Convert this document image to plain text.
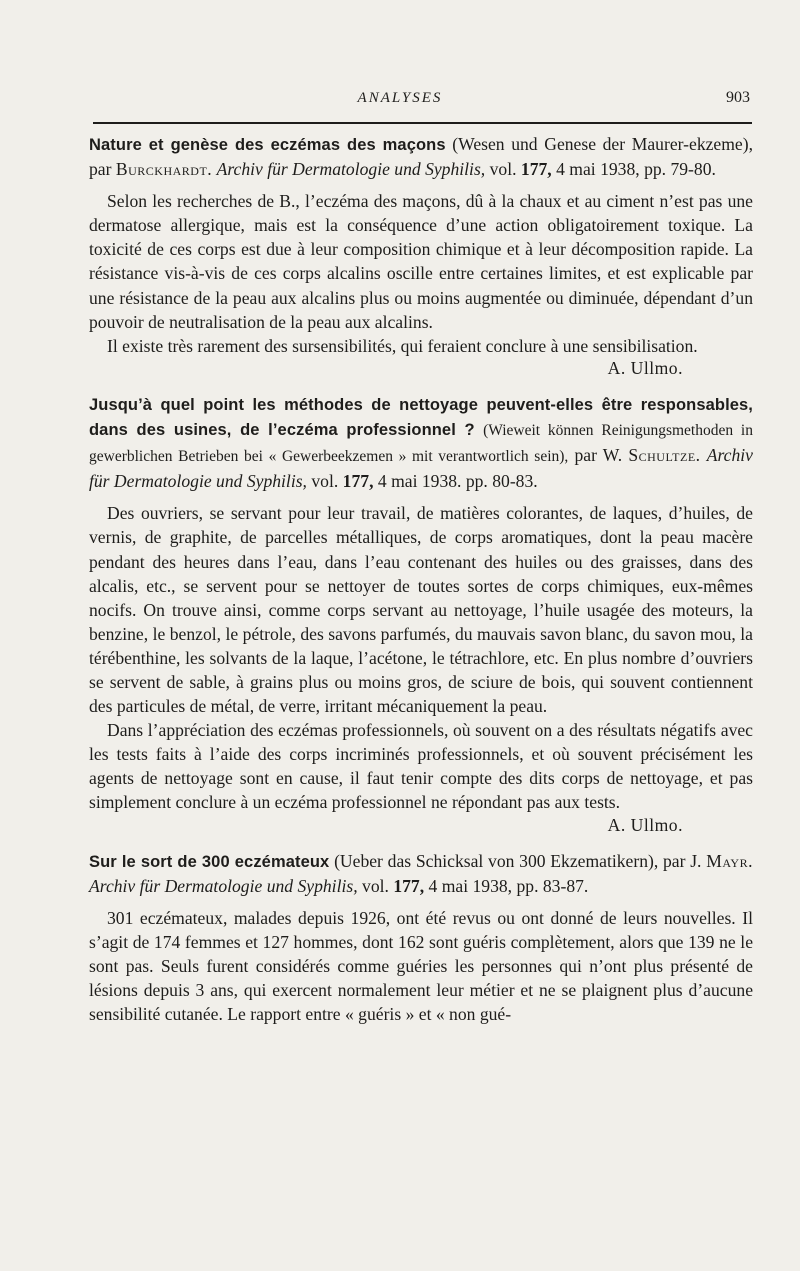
ANALYSES	903
Nature et genèse des eczémas des maçons (Wesen und Genese der Maurer-ekzeme), par Burckhardt. Archiv für Dermatologie und Syphilis, vol. 177, 4 mai 1938, pp. 79-80.

Selon les recherches de B., l’eczéma des maçons, dû à la chaux et au ciment n’est pas une dermatose allergique, mais est la conséquence d’une action obligatoirement toxique. La toxicité de ces corps est due à leur composition chimique et à leur décomposition rapide. La résistance vis-à-vis de ces corps alcalins oscille entre certaines limites, et est explicable par une résistance de la peau aux alcalins plus ou moins augmentée ou diminuée, dépendant d’un pouvoir de neutralisation de la peau aux alcalins.

Il existe très rarement des sursensibilités, qui feraient conclure à une sensibilisation.

A. Ullmo.
Jusqu’à quel point les méthodes de nettoyage peuvent-elles être responsables, dans des usines, de l’eczéma professionnel ? (Wieweit können Reinigungsmethoden in gewerblichen Betrieben bei « Gewerbeekzemen » mit verantwortlich sein), par W. Schultze. Archiv für Dermatologie und Syphilis, vol. 177, 4 mai 1938. pp. 80-83.

Des ouvriers, se servant pour leur travail, de matières colorantes, de laques, d’huiles, de vernis, de graphite, de parcelles métalliques, de corps aromatiques, dont la peau macère pendant des heures dans l’eau, dans l’eau contenant des huiles ou des graisses, dans des alcalis, etc., se servent pour se nettoyer de toutes sortes de corps chimiques, eux-mêmes nocifs. On trouve ainsi, comme corps servant au nettoyage, l’huile usagée des moteurs, la benzine, le benzol, le pétrole, des savons parfumés, du mauvais savon blanc, du savon mou, la térébenthine, les solvants de la laque, l’acétone, le tétrachlore, etc. En plus nombre d’ouvriers se servent de sable, à grains plus ou moins gros, de sciure de bois, qui souvent contiennent des particules de métal, de verre, irritant mécaniquement la peau.

Dans l’appréciation des eczémas professionnels, où souvent on a des résultats négatifs avec les tests faits à l’aide des corps incriminés professionnels, et où souvent précisément les agents de nettoyage sont en cause, il faut tenir compte des dits corps de nettoyage, et pas simplement conclure à un eczéma professionnel ne répondant pas aux tests.

A. Ullmo.
Sur le sort de 300 eczémateux (Ueber das Schicksal von 300 Ekzematikern), par J. Mayr. Archiv für Dermatologie und Syphilis, vol. 177, 4 mai 1938, pp. 83-87.

301 eczémateux, malades depuis 1926, ont été revus ou ont donné de leurs nouvelles. Il s’agit de 174 femmes et 127 hommes, dont 162 sont guéris complètement, alors que 139 ne le sont pas. Seuls furent considérés comme guéries les personnes qui n’ont plus présenté de lésions depuis 3 ans, qui exercent normalement leur métier et ne se plaignent plus d’aucune sensibilité cutanée. Le rapport entre « guéris » et « non gué-
